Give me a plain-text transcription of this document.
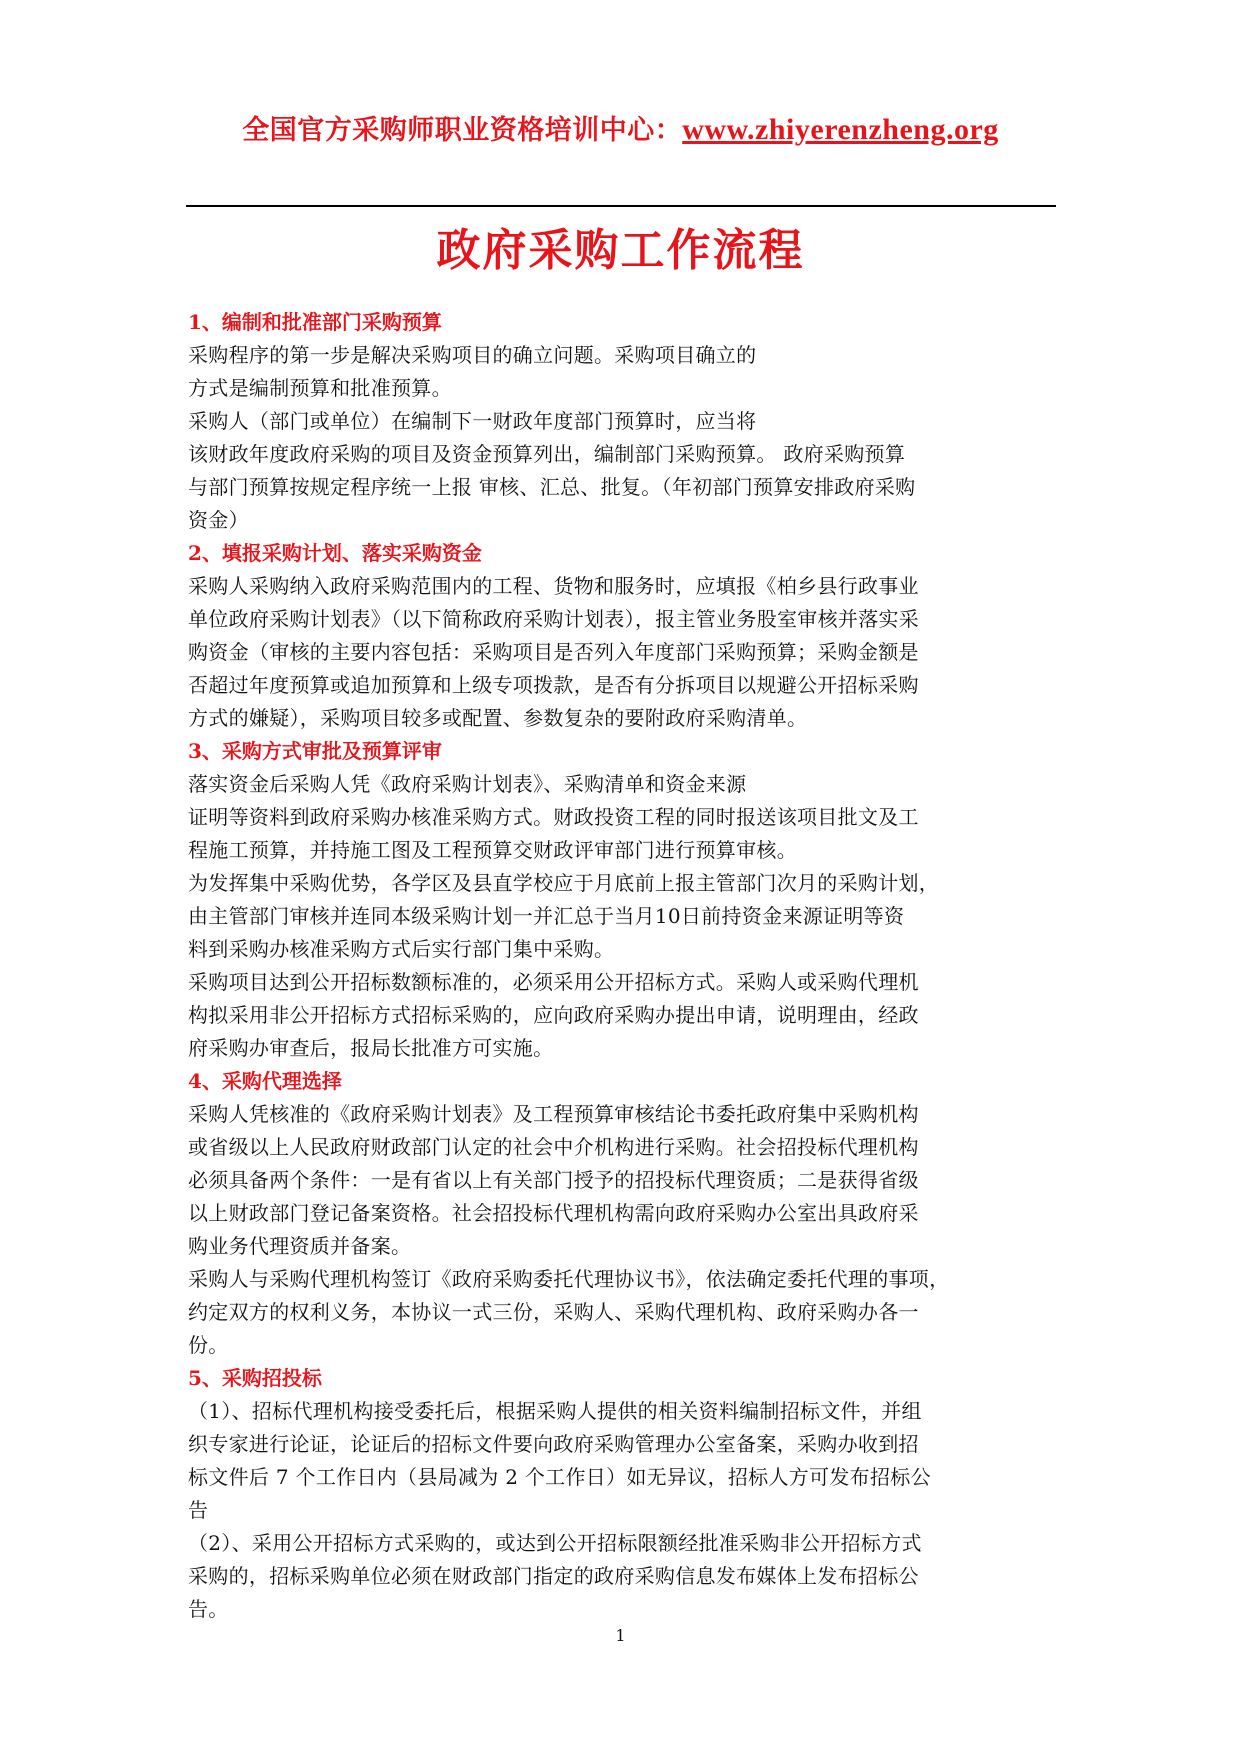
全国官方采购师职业资格培训中心：www.zhiyerenzheng.org
政府采购工作流程
1、编制和批准部门采购预算
采购程序的第一步是解决采购项目的确立问题。采购项目确立的
方式是编制预算和批准预算。
采购人（部门或单位）在编制下一财政年度部门预算时，应当将
该财政年度政府采购的项目及资金预算列出，编制部门采购预算。 政府采购预算
与部门预算按规定程序统一上报 审核、汇总、批复。（年初部门预算安排政府采购
资金）
2、填报采购计划、落实采购资金
采购人采购纳入政府采购范围内的工程、货物和服务时，应填报《柏乡县行政事业
单位政府采购计划表》（以下简称政府采购计划表），报主管业务股室审核并落实采
购资金（审核的主要内容包括：采购项目是否列入年度部门采购预算；采购金额是
否超过年度预算或追加预算和上级专项拨款，是否有分拆项目以规避公开招标采购
方式的嫌疑），采购项目较多或配置、参数复杂的要附政府采购清单。
3、采购方式审批及预算评审
落实资金后采购人凭《政府采购计划表》、采购清单和资金来源
证明等资料到政府采购办核准采购方式。财政投资工程的同时报送该项目批文及工
程施工预算，并持施工图及工程预算交财政评审部门进行预算审核。
为发挥集中采购优势，各学区及县直学校应于月底前上报主管部门次月的采购计划，
由主管部门审核并连同本级采购计划一并汇总于当月10日前持资金来源证明等资
料到采购办核准采购方式后实行部门集中采购。
采购项目达到公开招标数额标准的，必须采用公开招标方式。采购人或采购代理机
构拟采用非公开招标方式招标采购的，应向政府采购办提出申请，说明理由，经政
府采购办审查后，报局长批准方可实施。
4、采购代理选择
采购人凭核准的《政府采购计划表》及工程预算审核结论书委托政府集中采购机构
或省级以上人民政府财政部门认定的社会中介机构进行采购。社会招投标代理机构
必须具备两个条件：一是有省以上有关部门授予的招投标代理资质；二是获得省级
以上财政部门登记备案资格。社会招投标代理机构需向政府采购办公室出具政府采
购业务代理资质并备案。
采购人与采购代理机构签订《政府采购委托代理协议书》，依法确定委托代理的事项，
约定双方的权利义务，本协议一式三份，采购人、采购代理机构、政府采购办各一
份。
5、采购招投标
（1）、招标代理机构接受委托后，根据采购人提供的相关资料编制招标文件，并组
织专家进行论证，论证后的招标文件要向政府采购管理办公室备案，采购办收到招
标文件后 7 个工作日内（县局减为 2 个工作日）如无异议，招标人方可发布招标公
告
（2）、采用公开招标方式采购的，或达到公开招标限额经批准采购非公开招标方式
采购的，招标采购单位必须在财政部门指定的政府采购信息发布媒体上发布招标公
告。
1
